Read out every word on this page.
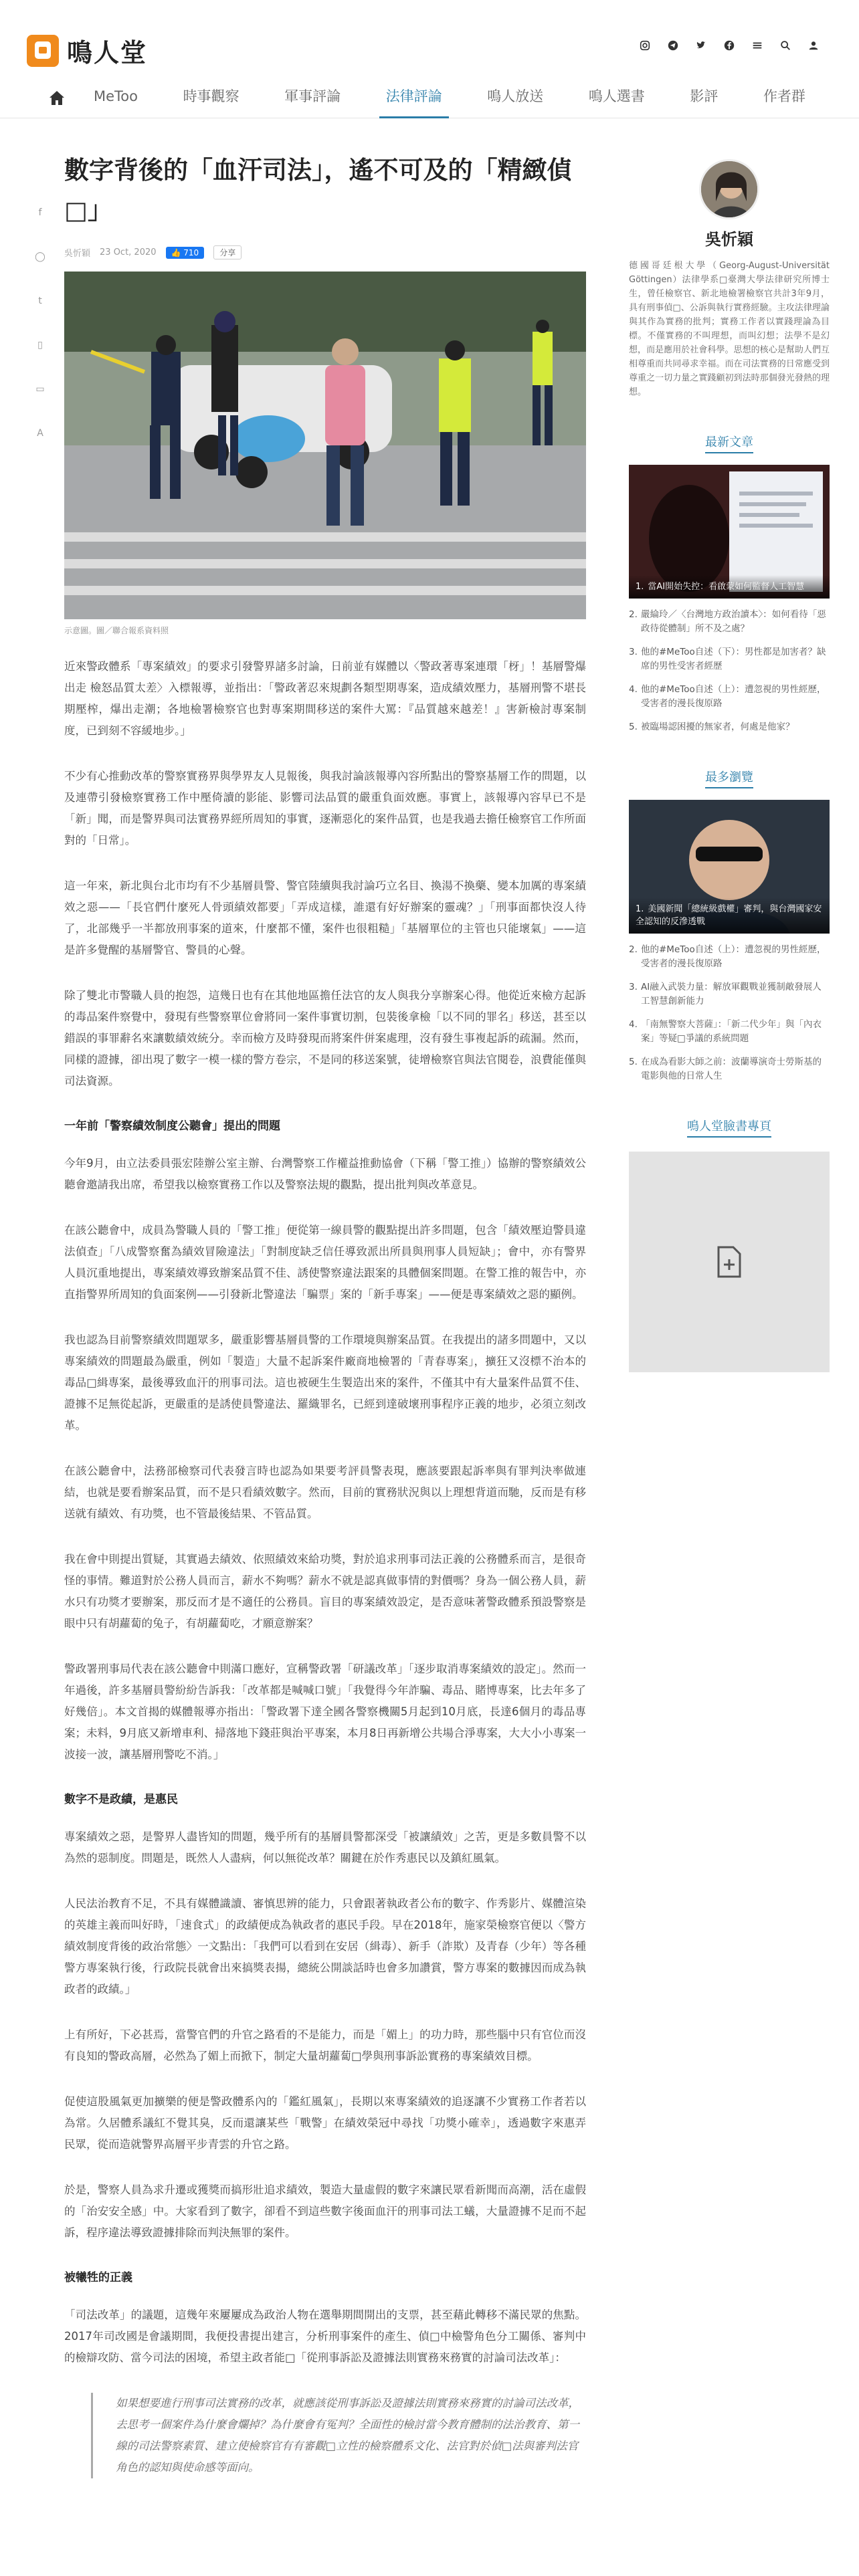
鳴人堂
MeToo	時事觀察	軍事評論	法律評論	鳴人放送	鳴人選書	影評	作者群
f
◯
t
▯
▭
A
數字背後的「血汗司法」，遙不可及的「精緻偵□」
吳忻穎 23 Oct, 2020	👍 710	分享
示意圖。圖／聯合報系資料照

近來警政體系「專案績效」的要求引發警界諸多討論，日前並有媒體以〈警政著專案連環「枒」！基層警爆出走 檢怒品質太差〉入標報導，並指出：「警政著忍來規劃各類型期專案，造成績效壓力，基層刑警不堪長期壓榨，爆出走潮；各地檢署檢察官也對專案期間移送的案件大罵：『品質越來越差！』害新檢討專案制度，已到刻不容緩地步。」

不少有心推動改革的警察實務界與學界友人見報後，與我討論該報導內容所點出的警察基層工作的問題，以及連帶引發檢察實務工作中壓倚讀的影能、影響司法品質的嚴重負面效應。事實上，該報導內容早已不是「新」聞，而是警界與司法實務界經所周知的事實，逐漸惡化的案件品質，也是我過去擔任檢察官工作所面對的「日常」。

這一年來，新北與台北市均有不少基層員警、警官陸續與我討論巧立名目、換湯不換藥、變本加厲的專案績效之惡——「長官們什麼死人骨頭績效都要」「弄成這樣，誰還有好好辦案的靈魂？」「刑事面都快沒人待了，北部幾乎一半都放刑事案的道來，什麼都不懂，案件也很粗糙」「基層單位的主管也只能壞氣」——這是許多覺醒的基層警官、警員的心聲。

除了雙北市警職人員的抱怨，這幾日也有在其他地區擔任法官的友人與我分享辦案心得。他從近來檢方起訴的毒品案件察覺中，發現有些警察單位會將同一案件事實切割，包裝後拿檢「以不同的罪名」移送，甚至以錯誤的事罪辭名來讓數績效統分。幸而檢方及時發現而將案件併案處理，沒有發生事複起訴的疏漏。然而，同樣的證據，卻出現了數字一模一樣的警方卷宗，不是同的移送案號，徒增檢察官與法官閱卷，浪費能僅與司法資源。

一年前「警察績效制度公聽會」提出的問題

今年9月，由立法委員張宏陸辦公室主辦、台灣警察工作權益推動協會（下稱「警工推」）協辦的警察績效公聽會邀請我出席，希望我以檢察實務工作以及警察法規的觀點，提出批判與改革意見。

在該公聽會中，成員為警職人員的「警工推」便從第一線員警的觀點提出許多問題，包含「績效壓迫警員違法偵查」「八成警察奮為績效冒險違法」「對制度缺乏信任導致派出所員與刑事人員短缺」；會中，亦有警界人員沉重地提出，專案績效導致辦案品質不佳、誘使警察違法跟案的具體個案問題。在警工推的報告中，亦直指警界所周知的負面案例——引發新北警違法「騙票」案的「新手專案」——便是專案績效之惡的顯例。

我也認為目前警察績效問題眾多，嚴重影響基層員警的工作環境與辦案品質。在我提出的諸多問題中，又以專案績效的問題最為嚴重，例如「製造」大量不起訴案件廠商地檢署的「青春專案」，擴狂又沒標不治本的毒品□緝專案，最後導致血汗的刑事司法。這也被硬生生製造出來的案件，不僅其中有大量案件品質不佳、證據不足無從起訴，更嚴重的是誘使員警違法、羅織罪名，已經到達破壞刑事程序正義的地步，必須立刻改革。

在該公聽會中，法務部檢察司代表發言時也認為如果要考評員警表現，應該要跟起訴率與有罪判決率做連結，也就是要看辦案品質，而不是只看績效數字。然而，目前的實務狀況與以上理想背道而馳，反而是有移送就有績效、有功獎，也不管最後結果、不管品質。

我在會中則提出質疑，其實過去績效、依照績效來給功獎，對於追求刑事司法正義的公務體系而言，是很奇怪的事情。難道對於公務人員而言，薪水不夠嗎？薪水不就是認真做事情的對價嗎？身為一個公務人員，薪水只有功獎才要辦案，那反而才是不適任的公務員。盲目的專案績效設定，是否意味著警政體系預設警察是眼中只有胡蘿蔔的兔子，有胡蘿蔔吃，才願意辦案？

警政署刑事局代表在該公聽會中則滿口應好，宣稱警政署「研議改革」「逐步取消專案績效的設定」。然而一年過後，許多基層員警紛紛告訴我：「改革都是喊喊口號」「我覺得今年詐騙、毒品、賭博專案，比去年多了好幾倍」。本文首揭的媒體報導亦指出：「警政署下達全國各警察機關5月起到10月底，長達6個月的毒品專案；未料，9月底又新增車利、掃落地下錢莊與治平專案，本月8日再新增公共場合淨專案，大大小小專案一波接一波，讓基層刑警吃不消。」

數字不是政績，是惠民

專案績效之惡，是警界人盡皆知的問題，幾乎所有的基層員警都深受「被讓績效」之苦，更是多數員警不以為然的惡制度。問題是，既然人人盡病，何以無從改革？關鍵在於作秀惠民以及鎮紅風氣。

人民法治教育不足，不具有媒體識讀、審慎思辨的能力，只會跟著執政者公布的數字、作秀影片、媒體渲染的英雄主義而叫好時，「速食式」的政績便成為執政者的惠民手段。早在2018年，施家榮檢察官便以〈警方績效制度背後的政治常態〉一文點出：「我們可以看到在安居（緝毒）、新手（詐欺）及青春（少年）等各種警方專案執行後，行政院長就會出來搞獎表揚，總統公開談話時也會多加讚賞，警方專案的數據因而成為執政者的政績。」

上有所好，下必甚焉，當警官們的升官之路看的不是能力，而是「媚上」的功力時，那些腦中只有官位而沒有良知的警政高層，必然為了媚上而掀下，制定大量胡蘿蔔□學與刑事訴訟實務的專案績效目標。

促使這股風氣更加擴樂的便是警政體系內的「鑑紅風氣」，長期以來專案績效的追逐讓不少實務工作者若以為常。久居體系議紅不覺其臭，反而還讓某些「戰警」在績效榮冠中尋找「功獎小確幸」，透過數字來惠弄民眾，從而造就警界高層平步青雲的升官之路。

於是，警察人員為求升遷或獲獎而搞形壯追求績效，製造大量虛假的數字來讓民眾看新聞而高潮，活在虛假的「治安安全感」中。大家看到了數字，卻看不到這些數字後面血汗的刑事司法工蟻，大量證據不足而不起訴，程序違法導致證據排除而判決無罪的案件。

被犧牲的正義

「司法改革」的議題，這幾年來屢屢成為政治人物在選舉期間開出的支票，甚至藉此轉移不滿民眾的焦點。2017年司改國是會議期間，我便投書提出建言，分析刑事案件的產生、偵□中檢警角色分工關係、審判中的檢辯攻防、當今司法的困境，希望主政者能□「從刑事訴訟及證據法則實務來務實的討論司法改革」：

如果想要進行刑事司法實務的改革，就應該從刑事訴訟及證據法則實務來務實的討論司法改革，去思考一個案件為什麼會爛掉？為什麼會有冤判？全面性的檢討當今教育體制的法治教育、第一線的司法警察素質、建立使檢察官有有審觀□立性的檢察體系文化、法官對於偵□法與審判法官角色的認知與使命感等面向。
吳忻穎
德國哥廷根大學（Georg-August-Universität Göttingen）法律學系□臺灣大學法律研究所博士生，曾任檢察官、新北地檢署檢察官共計3年9月，具有刑事偵□、公訴與執行實務經驗。主攻法律理論與其作為實務的批判；實務工作者以實踐理論為目標。不僅實務的不叫理想，而叫幻想；法學不是幻想，而是應用於社會科學。思想的核心是幫助人們互相尊重而共同尋求幸福。而在司法實務的日常應受到尊重之一切力量之實踐顧初到法時那個發光發熱的理想。
最新文章
1. 當AI開始失控：看啟蒙如何監督人工智慧
2. 嚴綸玲／〈台灣地方政治讀本〉：如何看待「惡政待從體制」所不及之處？
3. 他的#MeToo自述（下）：男性都是加害者？缺席的男性受害者經歷
4. 他的#MeToo自述（上）：遭忽視的男性經歷，受害者的漫長復原路
5. 被臨場認困擾的無家者，何處是他家？
最多瀏覽
1. 美國新聞「總統級戲權」審判，與台灣國家安全認知的反滲透戰
2. 他的#MeToo自述（上）：遭忽視的男性經歷，受害者的漫長復原路
3. AI融入武裝力量：解放軍觀戰並獲制敵發展人工智慧創新能力
4. 「南無警察大菩薩」：「新二代少年」與「內衣案」等疑□爭議的系統問題
5. 在成為看影大師之前：波蘭導演奇士勞斯基的電影與他的日常人生
鳴人堂臉書專頁
